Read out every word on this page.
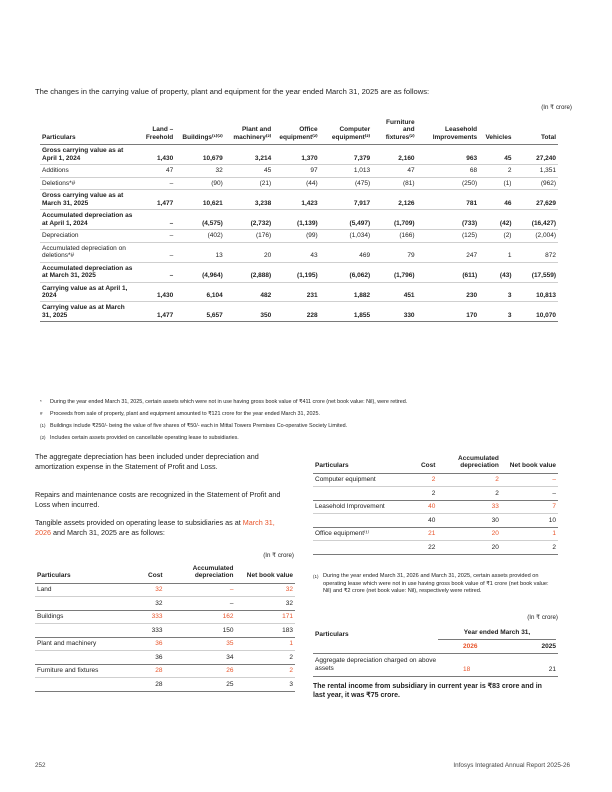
The changes in the carrying value of property, plant and equipment for the year ended March 31, 2025 are as follows:
(In ₹ crore)
Particulars	Land – Freehold	Buildings⁽¹⁾⁽²⁾	Plant and machinery⁽²⁾	Office equipment⁽²⁾	Computer equipment⁽²⁾	Furniture and fixtures⁽²⁾	Leasehold Improvements	Vehicles	Total
Gross carrying value as at April 1, 2024	1,430	10,679	3,214	1,370	7,379	2,160	963	45	27,240
Additions	47	32	45	97	1,013	47	68	2	1,351
Deletions*#	–	(90)	(21)	(44)	(475)	(81)	(250)	(1)	(962)
Gross carrying value as at March 31, 2025	1,477	10,621	3,238	1,423	7,917	2,126	781	46	27,629
Accumulated depreciation as at April 1, 2024	–	(4,575)	(2,732)	(1,139)	(5,497)	(1,709)	(733)	(42)	(16,427)
Depreciation	–	(402)	(176)	(99)	(1,034)	(166)	(125)	(2)	(2,004)
Accumulated depreciation on deletions*#	–	13	20	43	469	79	247	1	872
Accumulated depreciation as at March 31, 2025	–	(4,964)	(2,888)	(1,195)	(6,062)	(1,796)	(611)	(43)	(17,559)
Carrying value as at April 1, 2024	1,430	6,104	482	231	1,882	451	230	3	10,813
Carrying value as at March 31, 2025	1,477	5,657	350	228	1,855	330	170	3	10,070
* During the year ended March 31, 2025, certain assets which were not in use having gross book value of ₹411 crore (net book value: Nil), were retired.
# Proceeds from sale of property, plant and equipment amounted to ₹121 crore for the year ended March 31, 2025.
(1) Buildings include ₹250/- being the value of five shares of ₹50/- each in Mittal Towers Premises Co-operative Society Limited.
(2) Includes certain assets provided on cancellable operating lease to subsidiaries.
The aggregate depreciation has been included under depreciation and amortization expense in the Statement of Profit and Loss.
Repairs and maintenance costs are recognized in the Statement of Profit and Loss when incurred.
Tangible assets provided on operating lease to subsidiaries as at March 31, 2026 and March 31, 2025 are as follows:
(In ₹ crore)
Particulars	Cost	Accumulated depreciation	Net book value
Land	32	–	32
	32	–	32
Buildings	333	162	171
	333	150	183
Plant and machinery	36	35	1
	36	34	2
Furniture and fixtures	28	26	2
	28	25	3
Particulars	Cost	Accumulated depreciation	Net book value
Computer equipment	2	2	–
	2	2	–
Leasehold Improvement	40	33	7
	40	30	10
Office equipment⁽¹⁾	21	20	1
	22	20	2
(1) During the year ended March 31, 2026 and March 31, 2025, certain assets provided on operating lease which were not in use having gross book value of ₹1 crore (net book value: Nil) and ₹2 crore (net book value: Nil), respectively were retired.
(In ₹ crore)
Particulars	Year ended March 31,
2026	2025
Aggregate depreciation charged on above assets	18	21
The rental income from subsidiary in current year is ₹83 crore and in last year, it was ₹75 crore.
252	Infosys Integrated Annual Report 2025-26
